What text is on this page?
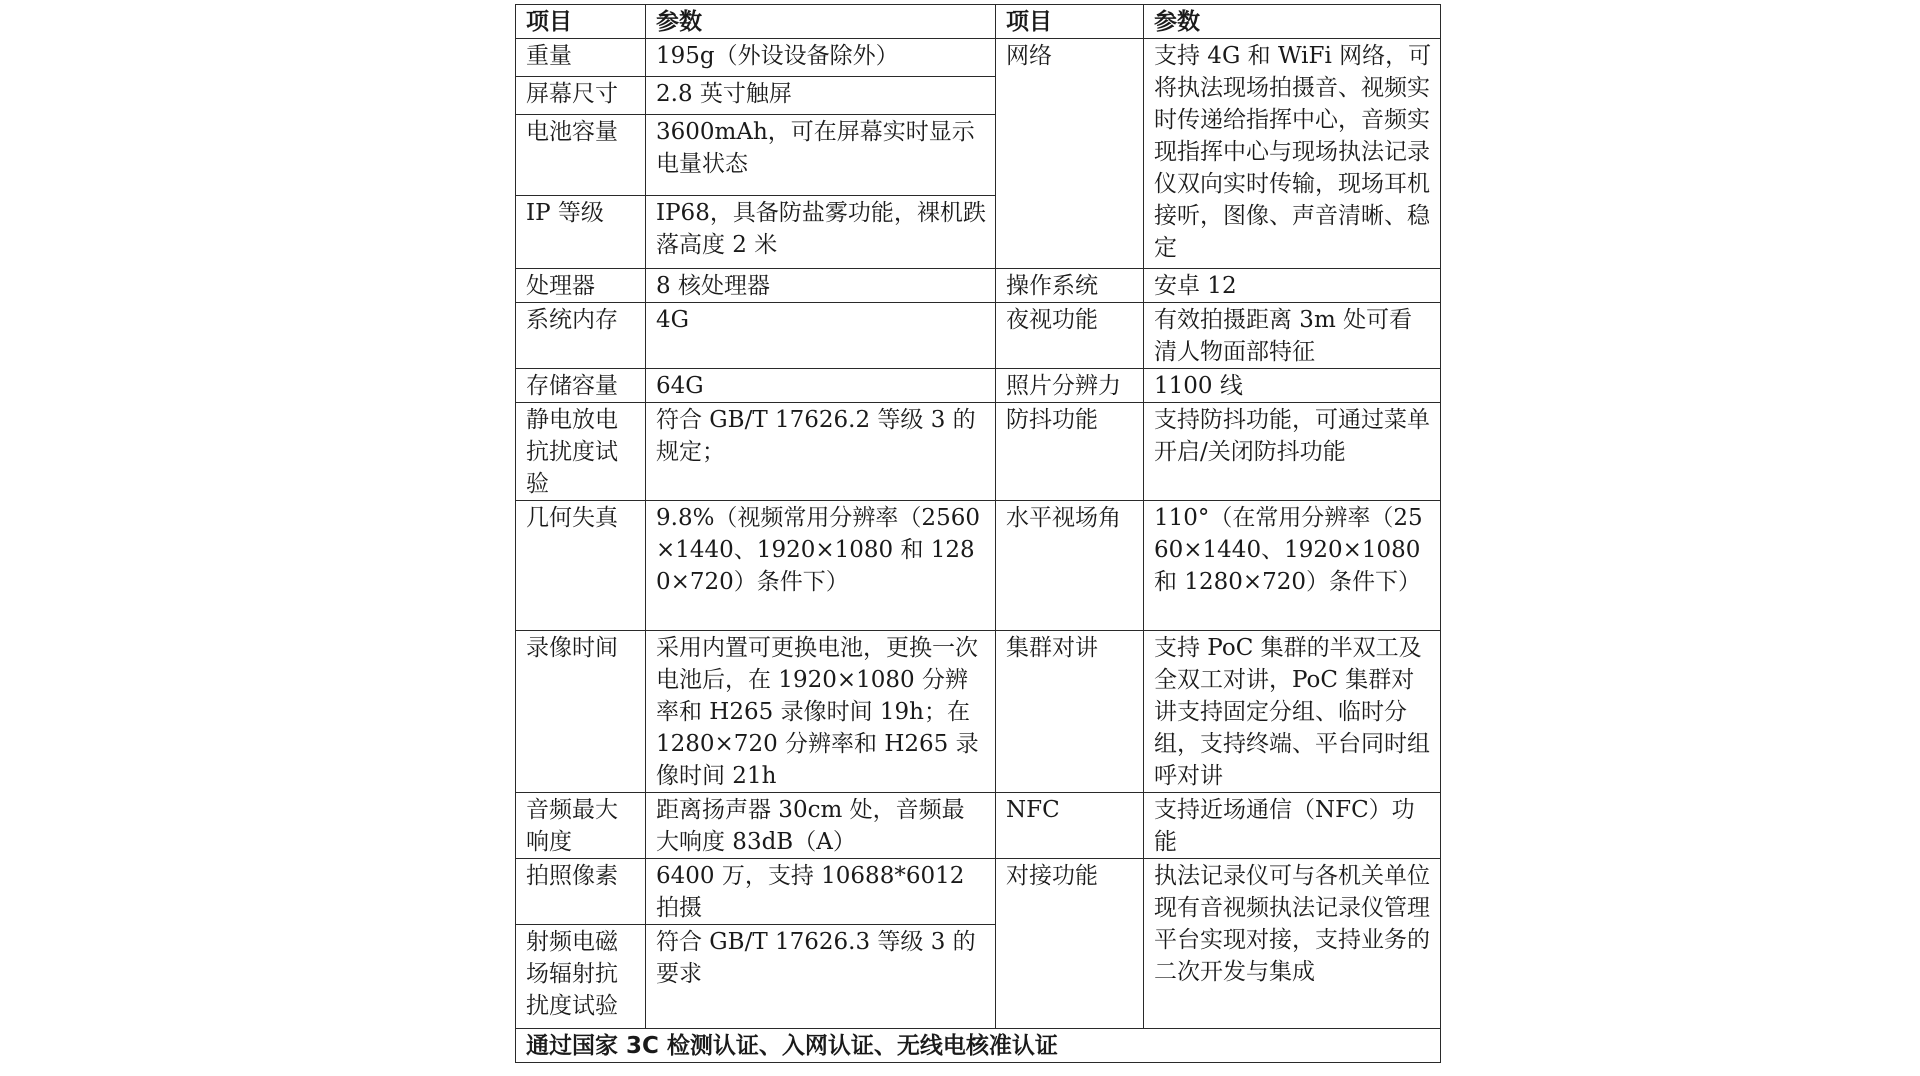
项目	参数	项目	参数
重量	195g（外设设备除外）	网络	支持 4G 和 WiFi 网络，可将执法现场拍摄音、视频实时传递给指挥中心，音频实现指挥中心与现场执法记录仪双向实时传输，现场耳机接听，图像、声音清晰、稳定
屏幕尺寸	2.8 英寸触屏		
电池容量	3600mAh，可在屏幕实时显示电量状态		
IP 等级	IP68，具备防盐雾功能，裸机跌落高度 2 米		
处理器	8 核处理器	操作系统	安卓 12
系统内存	4G	夜视功能	有效拍摄距离 3m 处可看清人物面部特征
存储容量	64G	照片分辨力	1100 线
静电放电抗扰度试验	符合 GB/T 17626.2 等级 3 的规定；	防抖功能	支持防抖功能，可通过菜单开启/关闭防抖功能
几何失真	9.8%（视频常用分辨率（2560×1440、1920×1080 和 1280×720）条件下）	水平视场角	110°（在常用分辨率（2560×1440、1920×1080 和 1280×720）条件下）
录像时间	采用内置可更换电池，更换一次电池后，在 1920×1080 分辨率和 H265 录像时间 19h；在 1280×720 分辨率和 H265 录像时间 21h	集群对讲	支持 PoC 集群的半双工及全双工对讲，PoC 集群对讲支持固定分组、临时分组，支持终端、平台同时组呼对讲
音频最大响度	距离扬声器 30cm 处，音频最大响度 83dB（A）	NFC	支持近场通信（NFC）功能
拍照像素	6400 万，支持 10688*6012 拍摄	对接功能	执法记录仪可与各机关单位现有音视频执法记录仪管理平台实现对接，支持业务的二次开发与集成
射频电磁场辐射抗扰度试验	符合 GB/T 17626.3 等级 3 的要求		
通过国家 3C 检测认证、入网认证、无线电核准认证			
